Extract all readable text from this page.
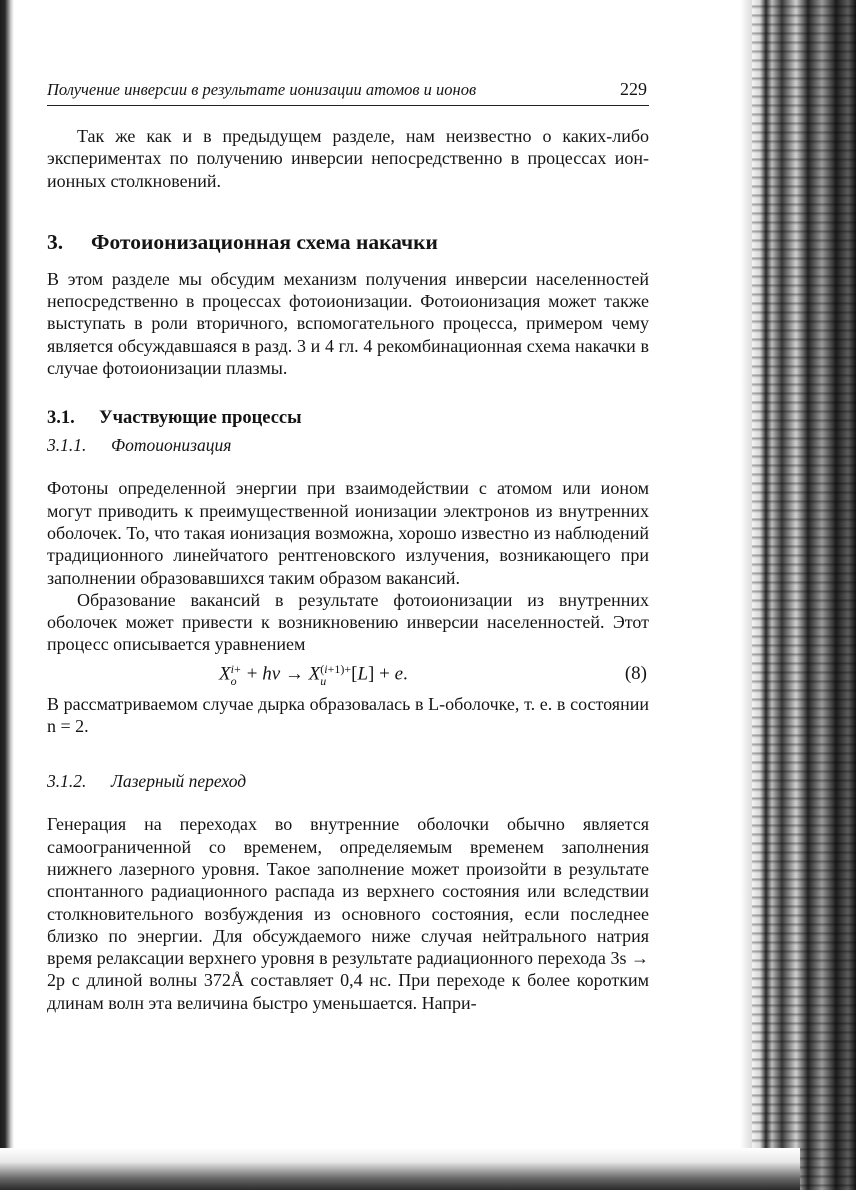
Получение инверсии в результате ионизации атомов и ионов	229

Так же как и в предыдущем разделе, нам неизвестно о каких-либо экспериментах по получению инверсии непосредственно в процессах ион-ионных столкновений.

3. Фотоионизационная схема накачки

В этом разделе мы обсудим механизм получения инверсии населенностей непосредственно в процессах фотоионизации. Фотоионизация может также выступать в роли вторичного, вспомогательного процесса, примером чему является обсуждавшаяся в разд. 3 и 4 гл. 4 рекомбинационная схема накачки в случае фотоионизации плазмы.

3.1. Участвующие процессы
3.1.1. Фотоионизация

Фотоны определенной энергии при взаимодействии с атомом или ионом могут приводить к преимущественной ионизации электронов из внутренних оболочек. То, что такая ионизация возможна, хорошо известно из наблюдений традиционного линейчатого рентгеновского излучения, возникающего при заполнении образовавшихся таким образом вакансий.

Образование вакансий в результате фотоионизации из внутренних оболочек может привести к возникновению инверсии населенностей. Этот процесс описывается уравнением

X i+
o + hν → X (i+1)+
u	[L] + e.	(8)

В рассматриваемом случае дырка образовалась в L-оболочке, т. е. в состоянии n = 2.

3.1.2. Лазерный переход

Генерация на переходах во внутренние оболочки обычно является самоограниченной со временем, определяемым временем заполнения нижнего лазерного уровня. Такое заполнение может произойти в результате спонтанного радиационного распада из верхнего состояния или вследствии столкновительного возбуждения из основного состояния, если последнее близко по энергии. Для обсуждаемого ниже случая нейтрального натрия время релаксации верхнего уровня в результате радиационного перехода 3s → 2p с длиной волны 372Å составляет 0,4 нс. При переходе к более коротким длинам волн эта величина быстро уменьшается. Напри-
